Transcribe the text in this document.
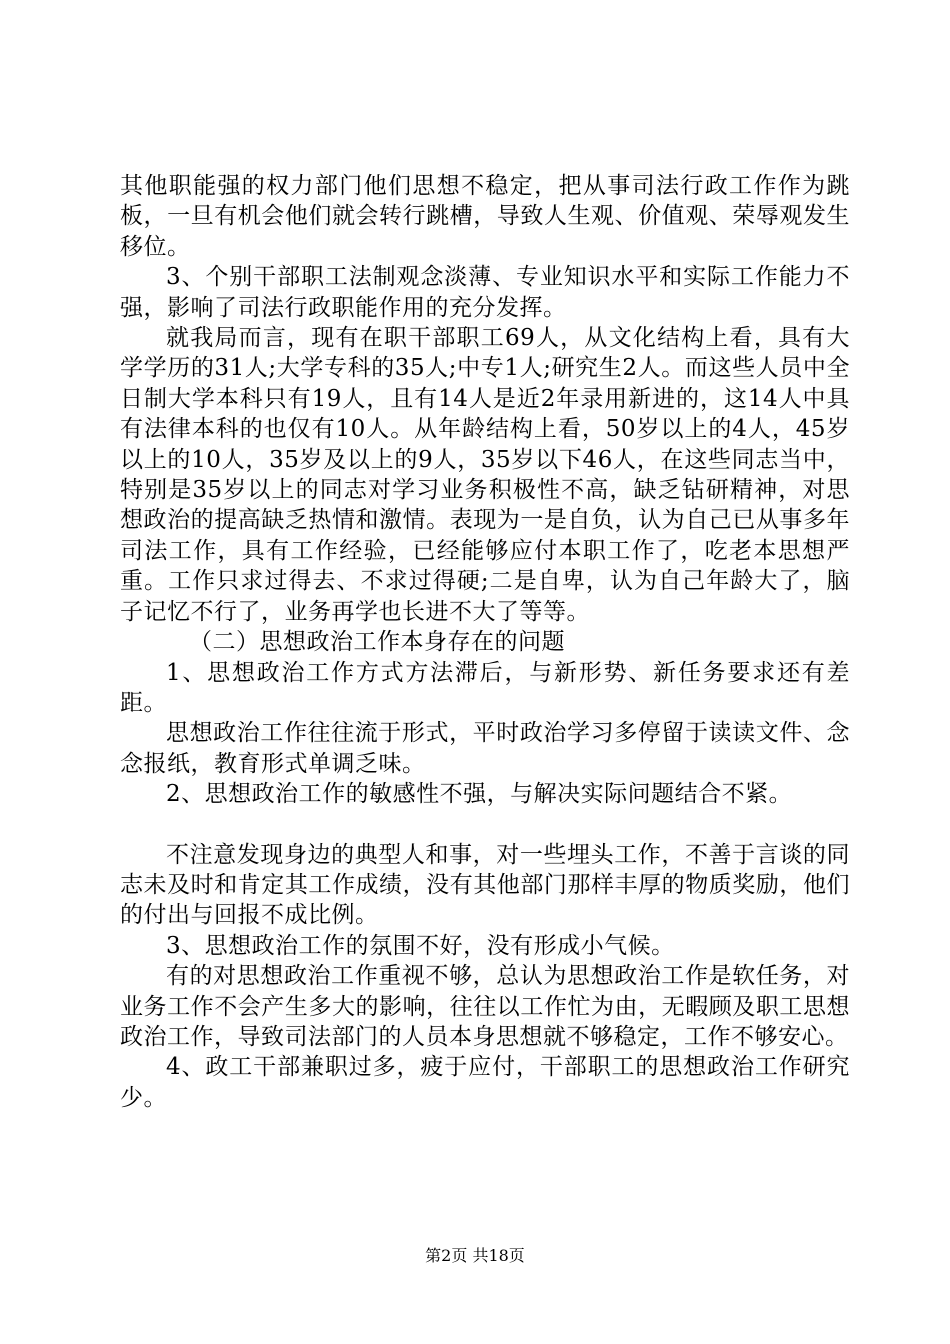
其他职能强的权力部门他们思想不稳定，把从事司法行政工作作为跳板，一旦有机会他们就会转行跳槽，导致人生观、价值观、荣辱观发生移位。

3、个别干部职工法制观念淡薄、专业知识水平和实际工作能力不强，影响了司法行政职能作用的充分发挥。

就我局而言，现有在职干部职工69人，从文化结构上看，具有大学学历的31人;大学专科的35人;中专1人;研究生2人。而这些人员中全日制大学本科只有19人，且有14人是近2年录用新进的，这14人中具有法律本科的也仅有10人。从年龄结构上看，50岁以上的4人，45岁以上的10人，35岁及以上的9人，35岁以下46人，在这些同志当中，特别是35岁以上的同志对学习业务积极性不高，缺乏钻研精神，对思想政治的提高缺乏热情和激情。表现为一是自负，认为自己已从事多年司法工作，具有工作经验，已经能够应付本职工作了，吃老本思想严重。工作只求过得去、不求过得硬;二是自卑，认为自己年龄大了，脑子记忆不行了，业务再学也长进不大了等等。

（二）思想政治工作本身存在的问题

1、思想政治工作方式方法滞后，与新形势、新任务要求还有差距。

思想政治工作往往流于形式，平时政治学习多停留于读读文件、念念报纸，教育形式单调乏味。

2、思想政治工作的敏感性不强，与解决实际问题结合不紧。

不注意发现身边的典型人和事，对一些埋头工作，不善于言谈的同志未及时和肯定其工作成绩，没有其他部门那样丰厚的物质奖励，他们的付出与回报不成比例。

3、思想政治工作的氛围不好，没有形成小气候。

有的对思想政治工作重视不够，总认为思想政治工作是软任务，对业务工作不会产生多大的影响，往往以工作忙为由，无暇顾及职工思想政治工作，导致司法部门的人员本身思想就不够稳定，工作不够安心。

4、政工干部兼职过多，疲于应付，干部职工的思想政治工作研究少。

第2页 共18页
